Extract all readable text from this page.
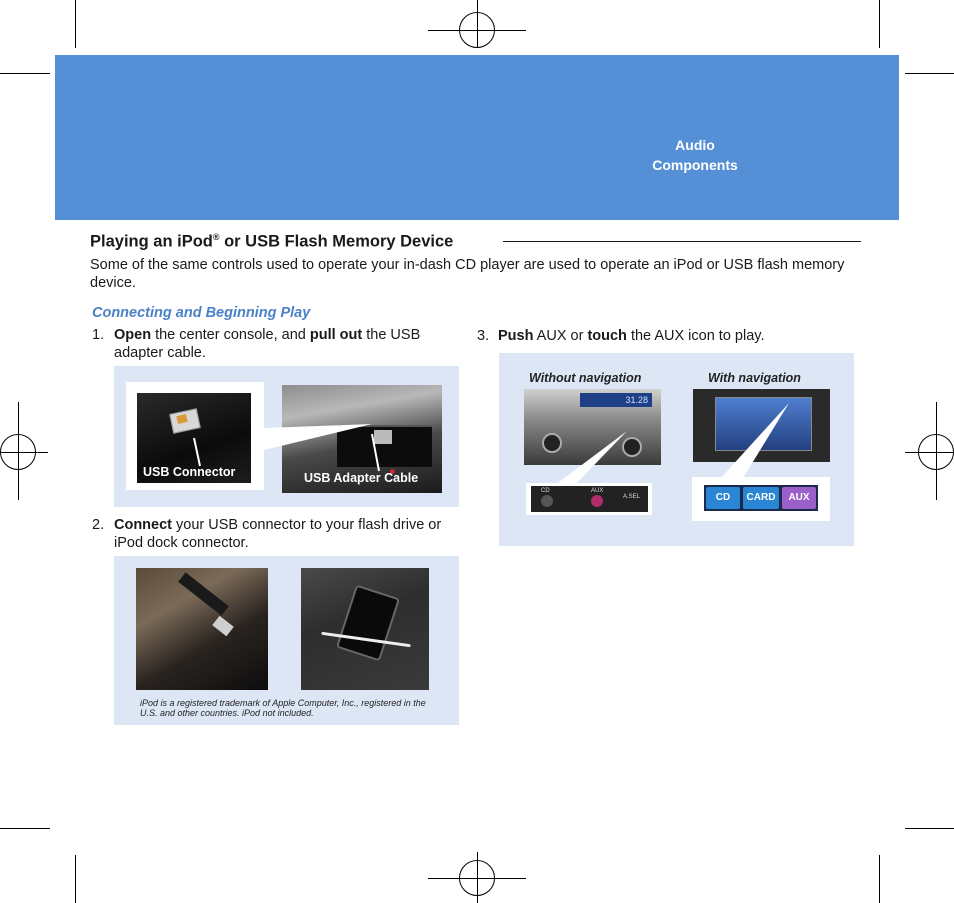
Audio
Components
Playing an iPod® or USB Flash Memory Device
Some of the same controls used to operate your in-dash CD player are used to operate an iPod or USB flash memory device.
Connecting and Beginning Play
1. Open the center console, and pull out the USB adapter cable.
USB Connector	USB Adapter Cable
2. Connect your USB connector to your flash drive or iPod dock connector.
iPod is a registered trademark of Apple Computer, Inc., registered in the U.S. and other countries. iPod not included.
3. Push AUX or touch the AUX icon to play.
Without navigation	With navigation
31.28
CD	AUX
A.SEL	CD	CARD	AUX
